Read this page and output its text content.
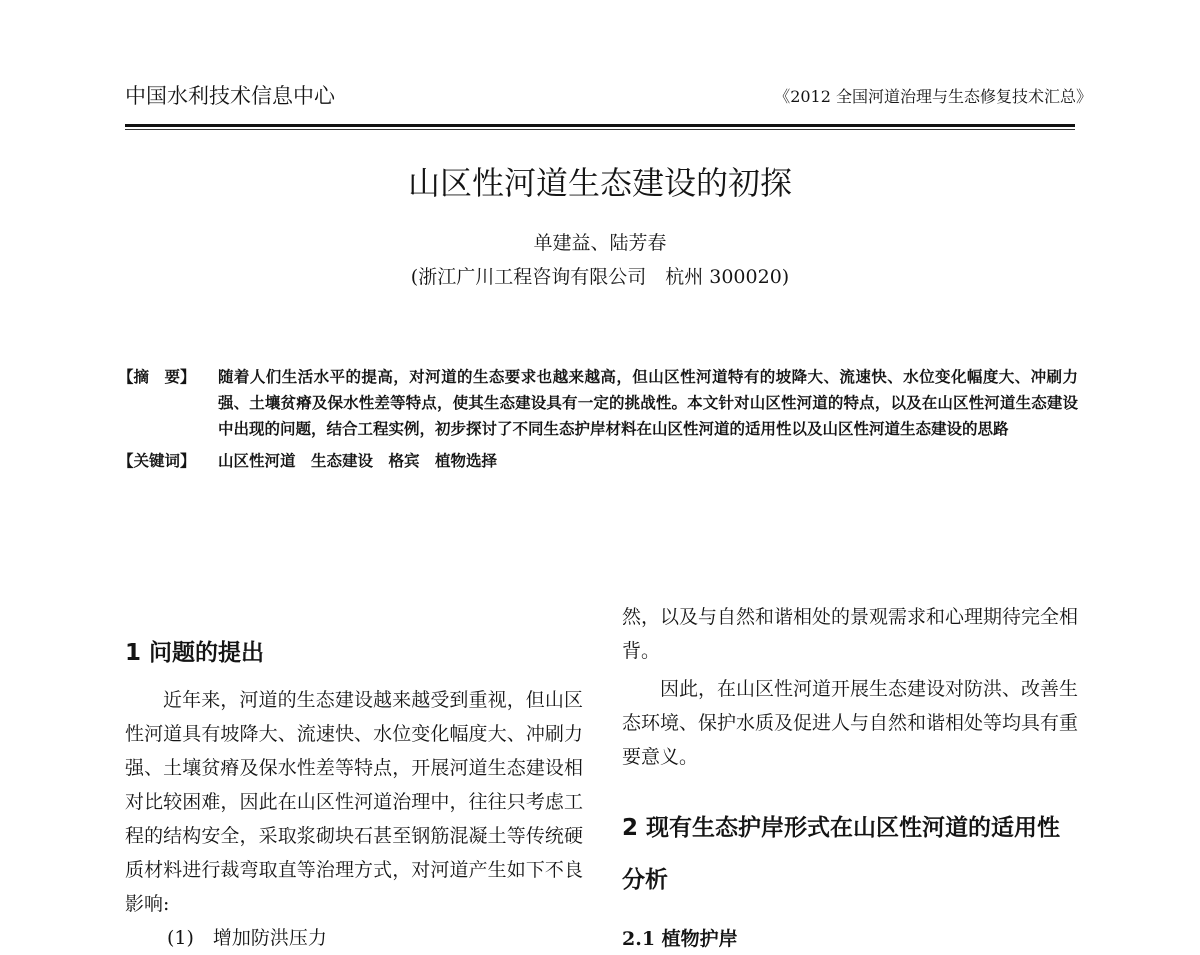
中国水利技术信息中心	《2012 全国河道治理与生态修复技术汇总》
山区性河道生态建设的初探
单建益、陆芳春
(浙江广川工程咨询有限公司　杭州 300020)
【摘　要】	随着人们生活水平的提高，对河道的生态要求也越来越高，但山区性河道特有的坡降大、流速快、水位变化幅度大、冲刷力强、土壤贫瘠及保水性差等特点，使其生态建设具有一定的挑战性。本文针对山区性河道的特点，以及在山区性河道生态建设中出现的问题，结合工程实例，初步探讨了不同生态护岸材料在山区性河道的适用性以及山区性河道生态建设的思路
【关键词】	山区性河道　生态建设　格宾　植物选择
1 问题的提出
近年来，河道的生态建设越来越受到重视，但山区性河道具有坡降大、流速快、水位变化幅度大、冲刷力强、土壤贫瘠及保水性差等特点，开展河道生态建设相对比较困难，因此在山区性河道治理中，往往只考虑工程的结构安全，采取浆砌块石甚至钢筋混凝土等传统硬质材料进行裁弯取直等治理方式，对河道产生如下不良影响:
(1)　增加防洪压力
然，以及与自然和谐相处的景观需求和心理期待完全相背。
因此，在山区性河道开展生态建设对防洪、改善生态环境、保护水质及促进人与自然和谐相处等均具有重要意义。
2 现有生态护岸形式在山区性河道的适用性分析
2.1 植物护岸
